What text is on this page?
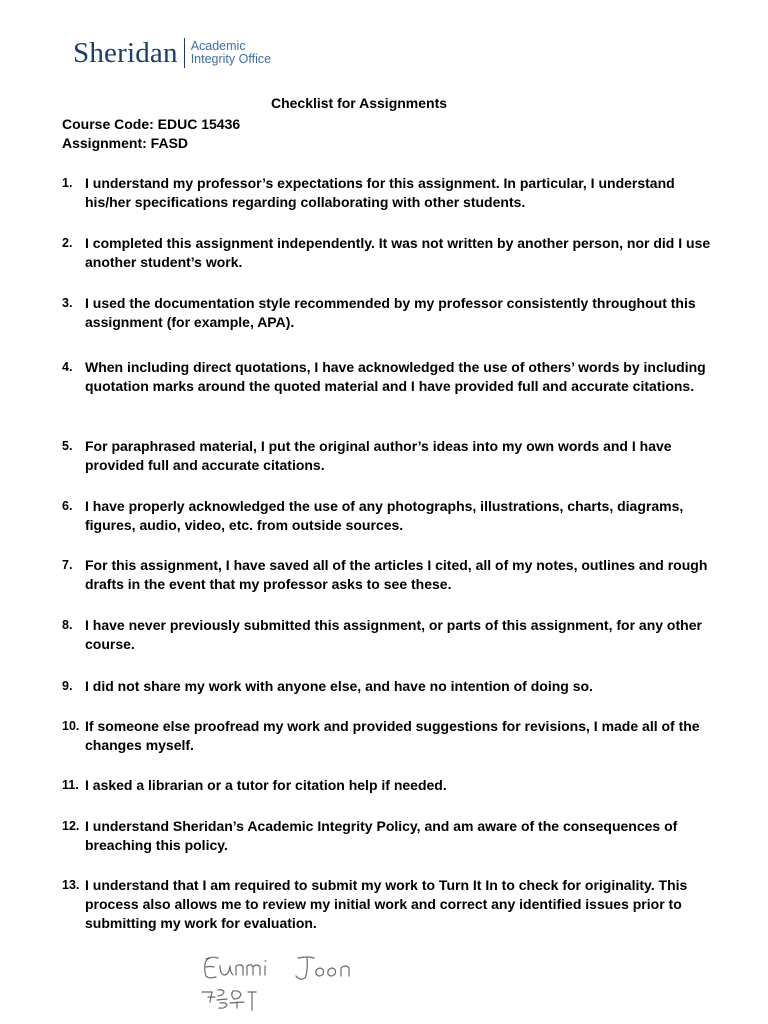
Sheridan Academic
Integrity Office
Checklist for Assignments
Course Code: EDUC 15436
Assignment: FASD
1. I understand my professor’s expectations for this assignment. In particular, I understand his/her specifications regarding collaborating with other students.
2. I completed this assignment independently. It was not written by another person, nor did I use another student’s work.
3. I used the documentation style recommended by my professor consistently throughout this assignment (for example, APA).
4. When including direct quotations, I have acknowledged the use of others’ words by including quotation marks around the quoted material and I have provided full and accurate citations.
5. For paraphrased material, I put the original author’s ideas into my own words and I have provided full and accurate citations.
6. I have properly acknowledged the use of any photographs, illustrations, charts, diagrams, figures, audio, video, etc. from outside sources.
7. For this assignment, I have saved all of the articles I cited, all of my notes, outlines and rough drafts in the event that my professor asks to see these.
8. I have never previously submitted this assignment, or parts of this assignment, for any other course.
9. I did not share my work with anyone else, and have no intention of doing so.
10. If someone else proofread my work and provided suggestions for revisions, I made all of the changes myself.
11. I asked a librarian or a tutor for citation help if needed.
12. I understand Sheridan’s Academic Integrity Policy, and am aware of the consequences of breaching this policy.
13. I understand that I am required to submit my work to Turn It In to check for originality. This process also allows me to review my initial work and correct any identified issues prior to submitting my work for evaluation.
